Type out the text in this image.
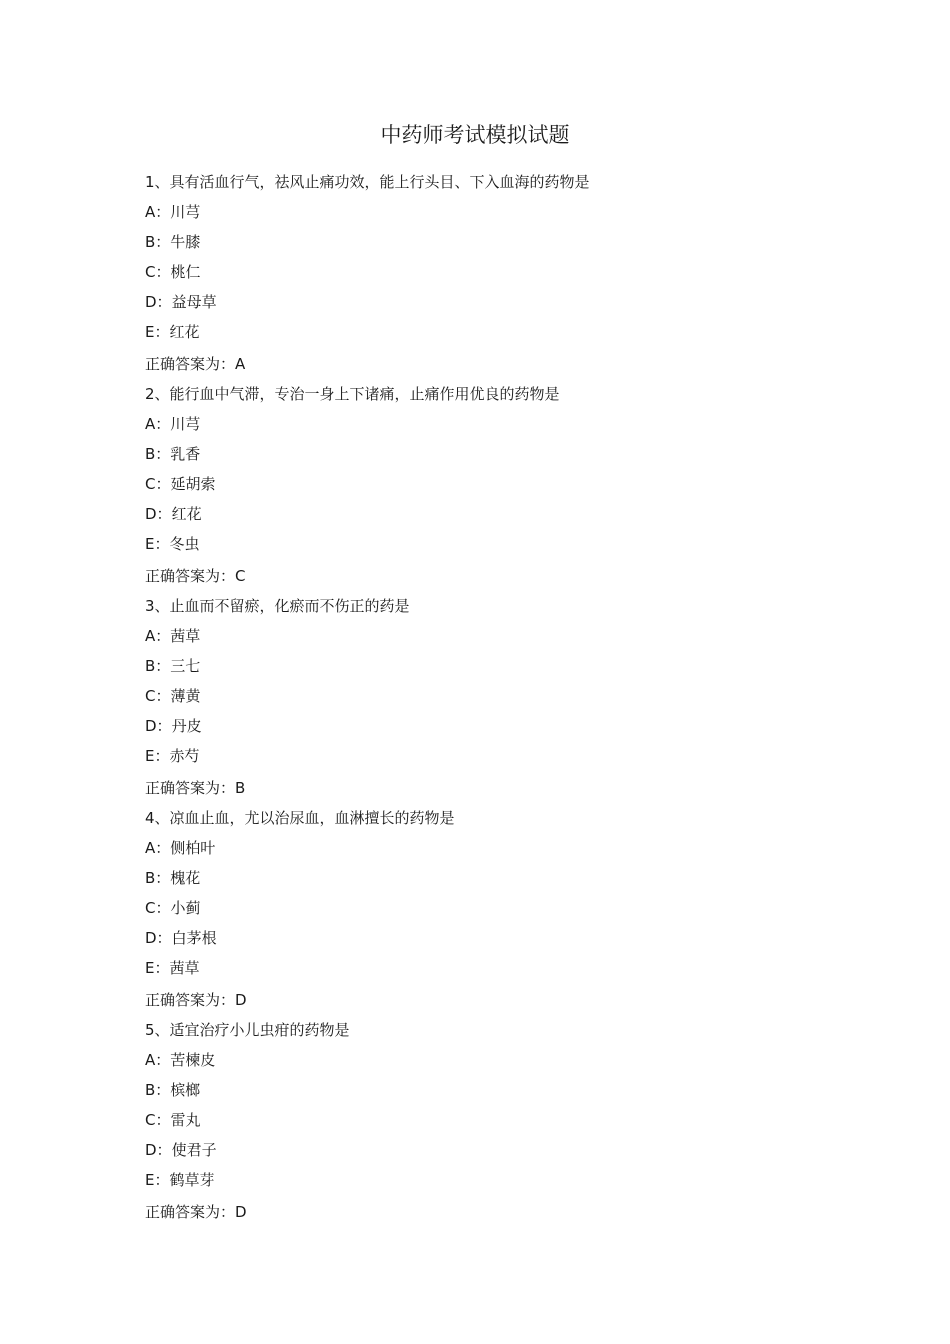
中药师考试模拟试题
1、具有活血行气，祛风止痛功效，能上行头目、下入血海的药物是
A：川芎
B：牛膝
C：桃仁
D：益母草
E：红花
正确答案为：A
2、能行血中气滞，专治一身上下诸痛，止痛作用优良的药物是
A：川芎
B：乳香
C：延胡索
D：红花
E：冬虫
正确答案为：C
3、止血而不留瘀，化瘀而不伤正的药是
A：茜草
B：三七
C：薄黄
D：丹皮
E：赤芍
正确答案为：B
4、凉血止血，尤以治尿血，血淋擅长的药物是
A：侧柏叶
B：槐花
C：小蓟
D：白茅根
E：茜草
正确答案为：D
5、适宜治疗小儿虫疳的药物是
A：苦楝皮
B：槟榔
C：雷丸
D：使君子
E：鹤草芽
正确答案为：D
